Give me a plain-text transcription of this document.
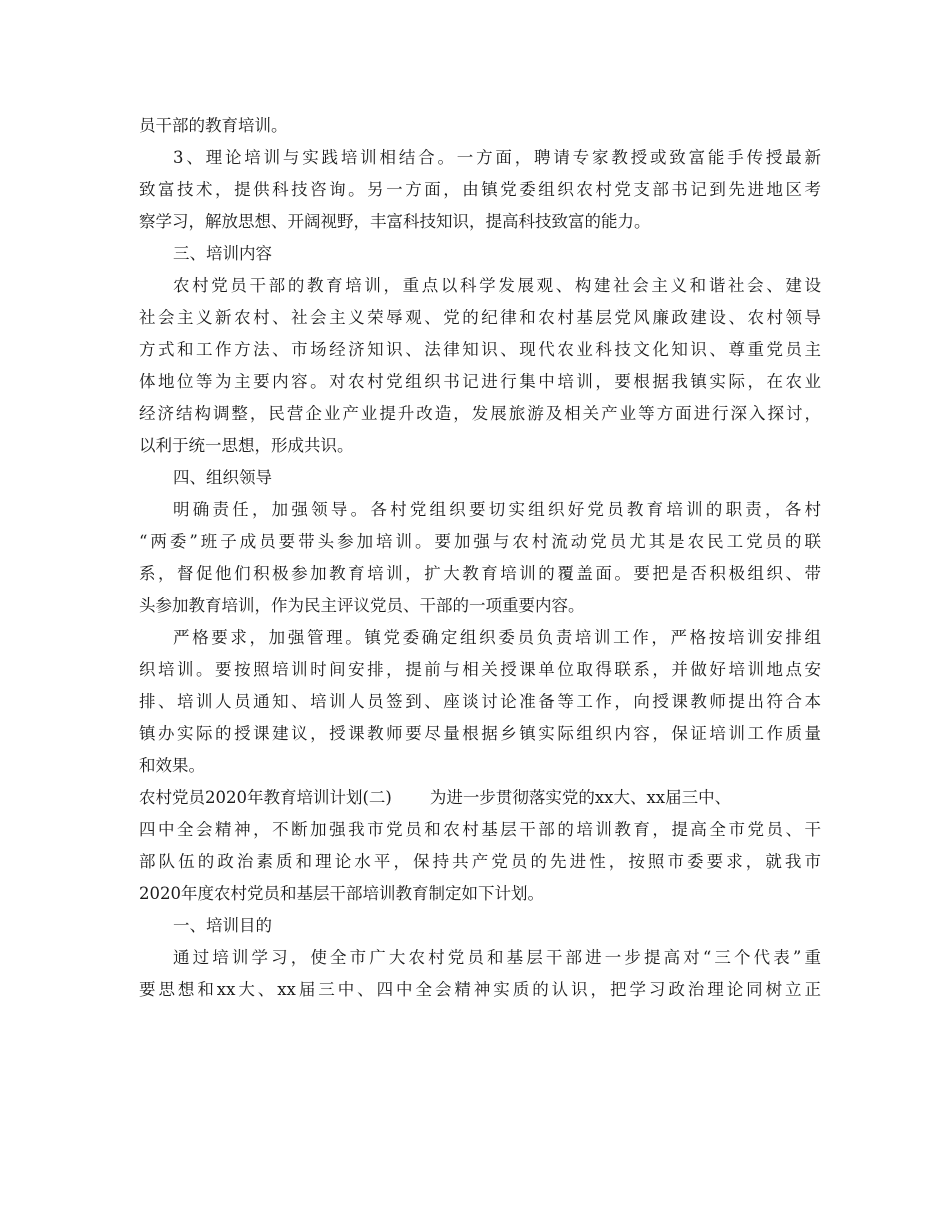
员干部的教育培训。
3、理论培训与实践培训相结合。一方面，聘请专家教授或致富能手传授最新
致富技术，提供科技咨询。另一方面，由镇党委组织农村党支部书记到先进地区考
察学习，解放思想、开阔视野，丰富科技知识，提高科技致富的能力。
三、培训内容
农村党员干部的教育培训，重点以科学发展观、构建社会主义和谐社会、建设
社会主义新农村、社会主义荣辱观、党的纪律和农村基层党风廉政建设、农村领导
方式和工作方法、市场经济知识、法律知识、现代农业科技文化知识、尊重党员主
体地位等为主要内容。对农村党组织书记进行集中培训，要根据我镇实际，在农业
经济结构调整，民营企业产业提升改造，发展旅游及相关产业等方面进行深入探讨，
以利于统一思想，形成共识。
四、组织领导
明确责任，加强领导。各村党组织要切实组织好党员教育培训的职责，各村
“两委”班子成员要带头参加培训。要加强与农村流动党员尤其是农民工党员的联
系，督促他们积极参加教育培训，扩大教育培训的覆盖面。要把是否积极组织、带
头参加教育培训，作为民主评议党员、干部的一项重要内容。
严格要求，加强管理。镇党委确定组织委员负责培训工作，严格按培训安排组
织培训。要按照培训时间安排，提前与相关授课单位取得联系，并做好培训地点安
排、培训人员通知、培训人员签到、座谈讨论准备等工作，向授课教师提出符合本
镇办实际的授课建议，授课教师要尽量根据乡镇实际组织内容，保证培训工作质量
和效果。
农村党员2020年教育培训计划(二) 为进一步贯彻落实党的xx大、xx届三中、
四中全会精神，不断加强我市党员和农村基层干部的培训教育，提高全市党员、干
部队伍的政治素质和理论水平，保持共产党员的先进性，按照市委要求，就我市
2020年度农村党员和基层干部培训教育制定如下计划。
一、培训目的
通过培训学习，使全市广大农村党员和基层干部进一步提高对“三个代表”重
要思想和xx大、xx届三中、四中全会精神实质的认识，把学习政治理论同树立正
